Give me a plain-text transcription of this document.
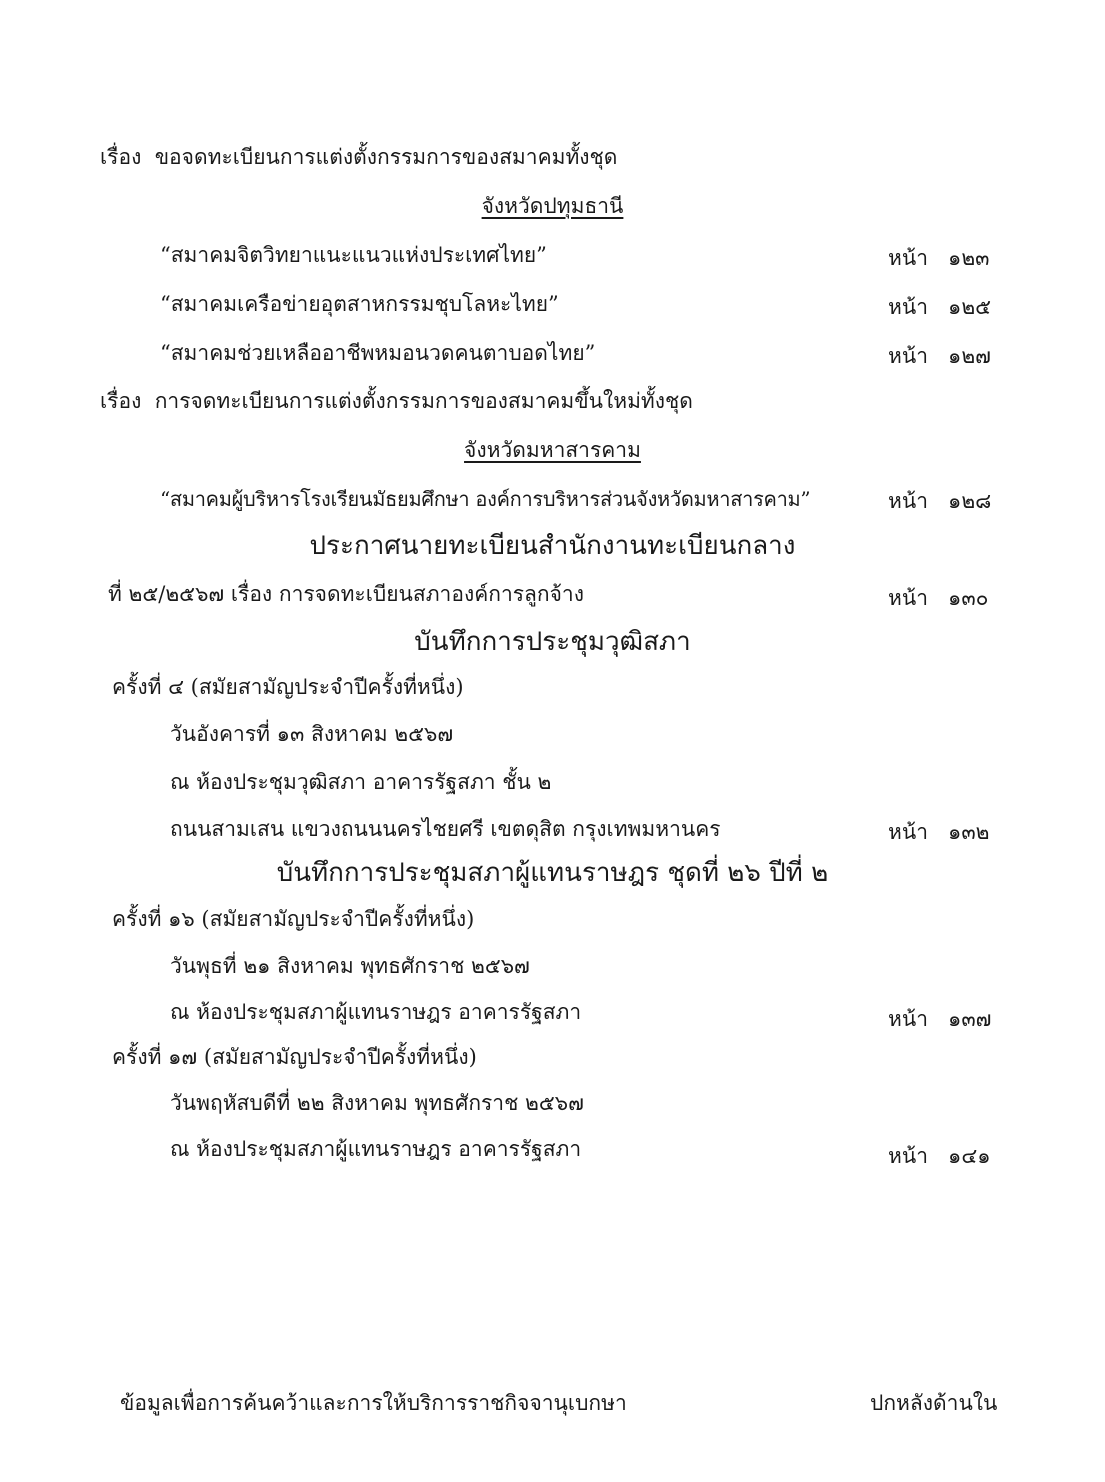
เรื่อง ขอจดทะเบียนการแต่งตั้งกรรมการของสมาคมทั้งชุด
จังหวัดปทุมธานี
“สมาคมจิตวิทยาแนะแนวแห่งประเทศไทย”	หน้า ๑๒๓
“สมาคมเครือข่ายอุตสาหกรรมชุบโลหะไทย”	หน้า ๑๒๕
“สมาคมช่วยเหลืออาชีพหมอนวดคนตาบอดไทย”	หน้า ๑๒๗
เรื่อง การจดทะเบียนการแต่งตั้งกรรมการของสมาคมขึ้นใหม่ทั้งชุด
จังหวัดมหาสารคาม
“สมาคมผู้บริหารโรงเรียนมัธยมศึกษา องค์การบริหารส่วนจังหวัดมหาสารคาม”	หน้า ๑๒๘
ประกาศนายทะเบียนสำนักงานทะเบียนกลาง
ที่ ๒๕/๒๕๖๗ เรื่อง การจดทะเบียนสภาองค์การลูกจ้าง	หน้า ๑๓๐
บันทึกการประชุมวุฒิสภา
ครั้งที่ ๔ (สมัยสามัญประจำปีครั้งที่หนึ่ง)
วันอังคารที่ ๑๓ สิงหาคม ๒๕๖๗
ณ ห้องประชุมวุฒิสภา อาคารรัฐสภา ชั้น ๒
ถนนสามเสน แขวงถนนนครไชยศรี เขตดุสิต กรุงเทพมหานคร	หน้า ๑๓๒
บันทึกการประชุมสภาผู้แทนราษฎร ชุดที่ ๒๖ ปีที่ ๒
ครั้งที่ ๑๖ (สมัยสามัญประจำปีครั้งที่หนึ่ง)
วันพุธที่ ๒๑ สิงหาคม พุทธศักราช ๒๕๖๗
ณ ห้องประชุมสภาผู้แทนราษฎร อาคารรัฐสภา	หน้า ๑๓๗
ครั้งที่ ๑๗ (สมัยสามัญประจำปีครั้งที่หนึ่ง)
วันพฤหัสบดีที่ ๒๒ สิงหาคม พุทธศักราช ๒๕๖๗
ณ ห้องประชุมสภาผู้แทนราษฎร อาคารรัฐสภา	หน้า ๑๔๑
ข้อมูลเพื่อการค้นคว้าและการให้บริการราชกิจจานุเบกษา	ปกหลังด้านใน
